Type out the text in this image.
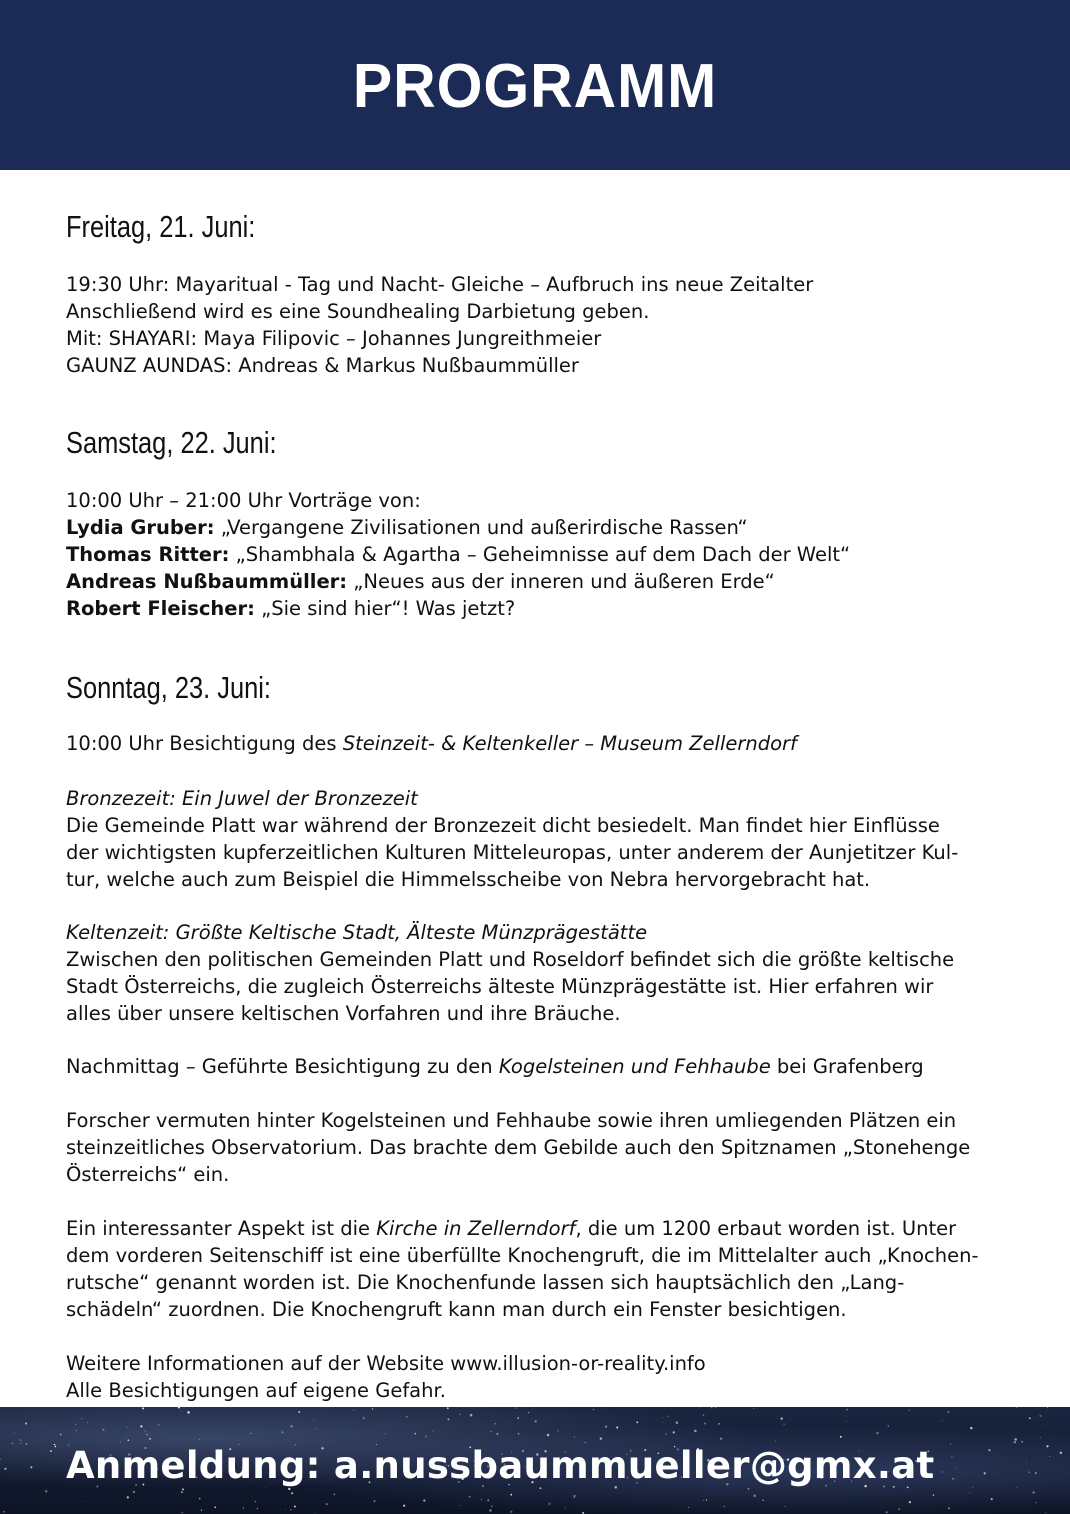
PROGRAMM
Freitag, 21. Juni:
19:30 Uhr: Mayaritual - Tag und Nacht- Gleiche – Aufbruch ins neue Zeitalter
Anschließend wird es eine Soundhealing Darbietung geben.
Mit: SHAYARI: Maya Filipovic – Johannes Jungreithmeier
GAUNZ AUNDAS: Andreas & Markus Nußbaummüller
Samstag, 22. Juni:
10:00 Uhr – 21:00 Uhr Vorträge von:
Lydia Gruber: „Vergangene Zivilisationen und außerirdische Rassen“
Thomas Ritter: „Shambhala & Agartha – Geheimnisse auf dem Dach der Welt“
Andreas Nußbaummüller: „Neues aus der inneren und äußeren Erde“
Robert Fleischer: „Sie sind hier“! Was jetzt?
Sonntag, 23. Juni:
10:00 Uhr Besichtigung des Steinzeit- & Keltenkeller – Museum Zellerndorf
Bronzezeit: Ein Juwel der Bronzezeit
Die Gemeinde Platt war während der Bronzezeit dicht besiedelt. Man findet hier Einflüsse
der wichtigsten kupferzeitlichen Kulturen Mitteleuropas, unter anderem der Aunjetitzer Kul-
tur, welche auch zum Beispiel die Himmelsscheibe von Nebra hervorgebracht hat.
Keltenzeit: Größte Keltische Stadt, Älteste Münzprägestätte
Zwischen den politischen Gemeinden Platt und Roseldorf befindet sich die größte keltische
Stadt Österreichs, die zugleich Österreichs älteste Münzprägestätte ist. Hier erfahren wir
alles über unsere keltischen Vorfahren und ihre Bräuche.
Nachmittag – Geführte Besichtigung zu den Kogelsteinen und Fehhaube bei Grafenberg
Forscher vermuten hinter Kogelsteinen und Fehhaube sowie ihren umliegenden Plätzen ein
steinzeitliches Observatorium. Das brachte dem Gebilde auch den Spitznamen „Stonehenge
Österreichs“ ein.
Ein interessanter Aspekt ist die Kirche in Zellerndorf, die um 1200 erbaut worden ist. Unter
dem vorderen Seitenschiff ist eine überfüllte Knochengruft, die im Mittelalter auch „Knochen-
rutsche“ genannt worden ist. Die Knochenfunde lassen sich hauptsächlich den „Lang-
schädeln“ zuordnen. Die Knochengruft kann man durch ein Fenster besichtigen.
Weitere Informationen auf der Website www.illusion-or-reality.info
Alle Besichtigungen auf eigene Gefahr.
Anmeldung: a.nussbaummueller@gmx.at
